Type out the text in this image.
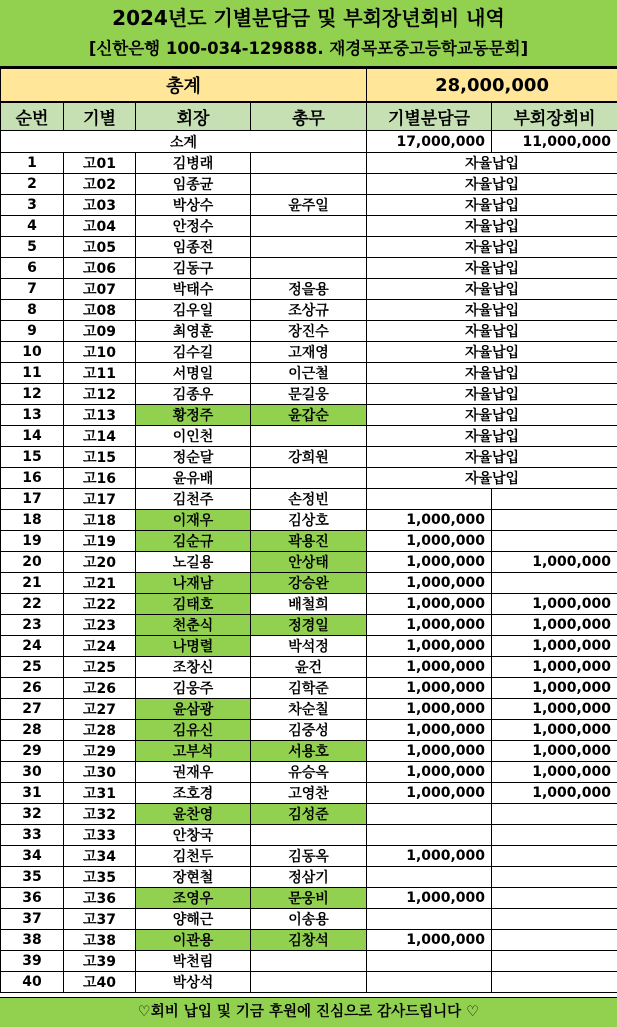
2024년도 기별분담금 및 부회장년회비 내역
[신한은행 100-034-129888. 재경목포중고등학교동문회]
총계				28,000,000	
순번	기별	회장	총무	기별분담금	부회장회비
소계				17,000,000	11,000,000
1	고01	김병래		자율납입	
2	고02	임종균		자율납입	
3	고03	박상수	윤주일	자율납입	
4	고04	안정수		자율납입	
5	고05	임종전		자율납입	
6	고06	김동구		자율납입	
7	고07	박태수	정을용	자율납입	
8	고08	김우일	조상규	자율납입	
9	고09	최영훈	장진수	자율납입	
10	고10	김수길	고재영	자율납입	
11	고11	서명일	이근철	자율납입	
12	고12	김종우	문길웅	자율납입	
13	고13	황정주	윤갑순	자율납입	
14	고14	이인천		자율납입	
15	고15	정순달	강희원	자율납입	
16	고16	윤유배		자율납입	
17	고17	김천주	손정빈		
18	고18	이재우	김상호	1,000,000	
19	고19	김순규	곽용진	1,000,000	
20	고20	노길용	안상태	1,000,000	1,000,000
21	고21	나재남	강승완	1,000,000	
22	고22	김태호	배철희	1,000,000	1,000,000
23	고23	천춘식	정경일	1,000,000	1,000,000
24	고24	나명렬	박석정	1,000,000	1,000,000
25	고25	조창신	윤건	1,000,000	1,000,000
26	고26	김웅주	김학준	1,000,000	1,000,000
27	고27	윤삼광	차순칠	1,000,000	1,000,000
28	고28	김유신	김중성	1,000,000	1,000,000
29	고29	고부석	서용호	1,000,000	1,000,000
30	고30	권재우	유승옥	1,000,000	1,000,000
31	고31	조호경	고영찬	1,000,000	1,000,000
32	고32	윤찬영	김성준		
33	고33	안창국			
34	고34	김천두	김동옥	1,000,000	
35	고35	장현철	정삼기		
36	고36	조영우	문웅비	1,000,000	
37	고37	양해근	이송용		
38	고38	이관용	김창석	1,000,000	
39	고39	박천림			
40	고40	박상석			
♡회비 납입 및 기금 후원에 진심으로 감사드립니다 ♡
